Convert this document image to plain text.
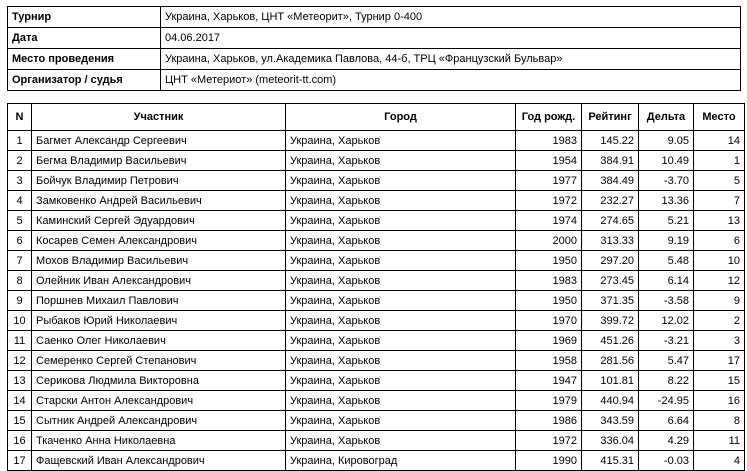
Турнир	Украина, Харьков, ЦНТ «Метеорит», Турнир 0-400
Дата	04.06.2017
Место проведения	Украина, Харьков, ул.Академика Павлова, 44-б, ТРЦ «Французский Бульвар»
Организатор / судья	ЦНТ «Метериот» (meteorit-tt.com)
N	Участник	Город	Год рожд.	Рейтинг	Дельта	Место
1	Багмет Александр Сергеевич	Украина, Харьков	1983	145.22	9.05	14
2	Бегма Владимир Васильевич	Украина, Харьков	1954	384.91	10.49	1
3	Бойчук Владимир Петрович	Украина, Харьков	1977	384.49	-3.70	5
4	Замковенко Андрей Васильевич	Украина, Харьков	1972	232.27	13.36	7
5	Каминский Сергей Эдуардович	Украина, Харьков	1974	274.65	5.21	13
6	Косарев Семен Александрович	Украина, Харьков	2000	313.33	9.19	6
7	Мохов Владимир Васильевич	Украина, Харьков	1950	297.20	5.48	10
8	Олейник Иван Александрович	Украина, Харьков	1983	273.45	6.14	12
9	Поршнев Михаил Павлович	Украина, Харьков	1950	371.35	-3.58	9
10	Рыбаков Юрий Николаевич	Украина, Харьков	1970	399.72	12.02	2
11	Саенко Олег Николаевич	Украина, Харьков	1969	451.26	-3.21	3
12	Семеренко Сергей Степанович	Украина, Харьков	1958	281.56	5.47	17
13	Серикова Людмила Викторовна	Украина, Харьков	1947	101.81	8.22	15
14	Старски Антон Александрович	Украина, Харьков	1979	440.94	-24.95	16
15	Сытник Андрей Александрович	Украина, Харьков	1986	343.59	6.64	8
16	Ткаченко Анна Николаевна	Украина, Харьков	1972	336.04	4.29	11
17	Фащевский Иван Александрович	Украина, Кировоград	1990	415.31	-0.03	4
